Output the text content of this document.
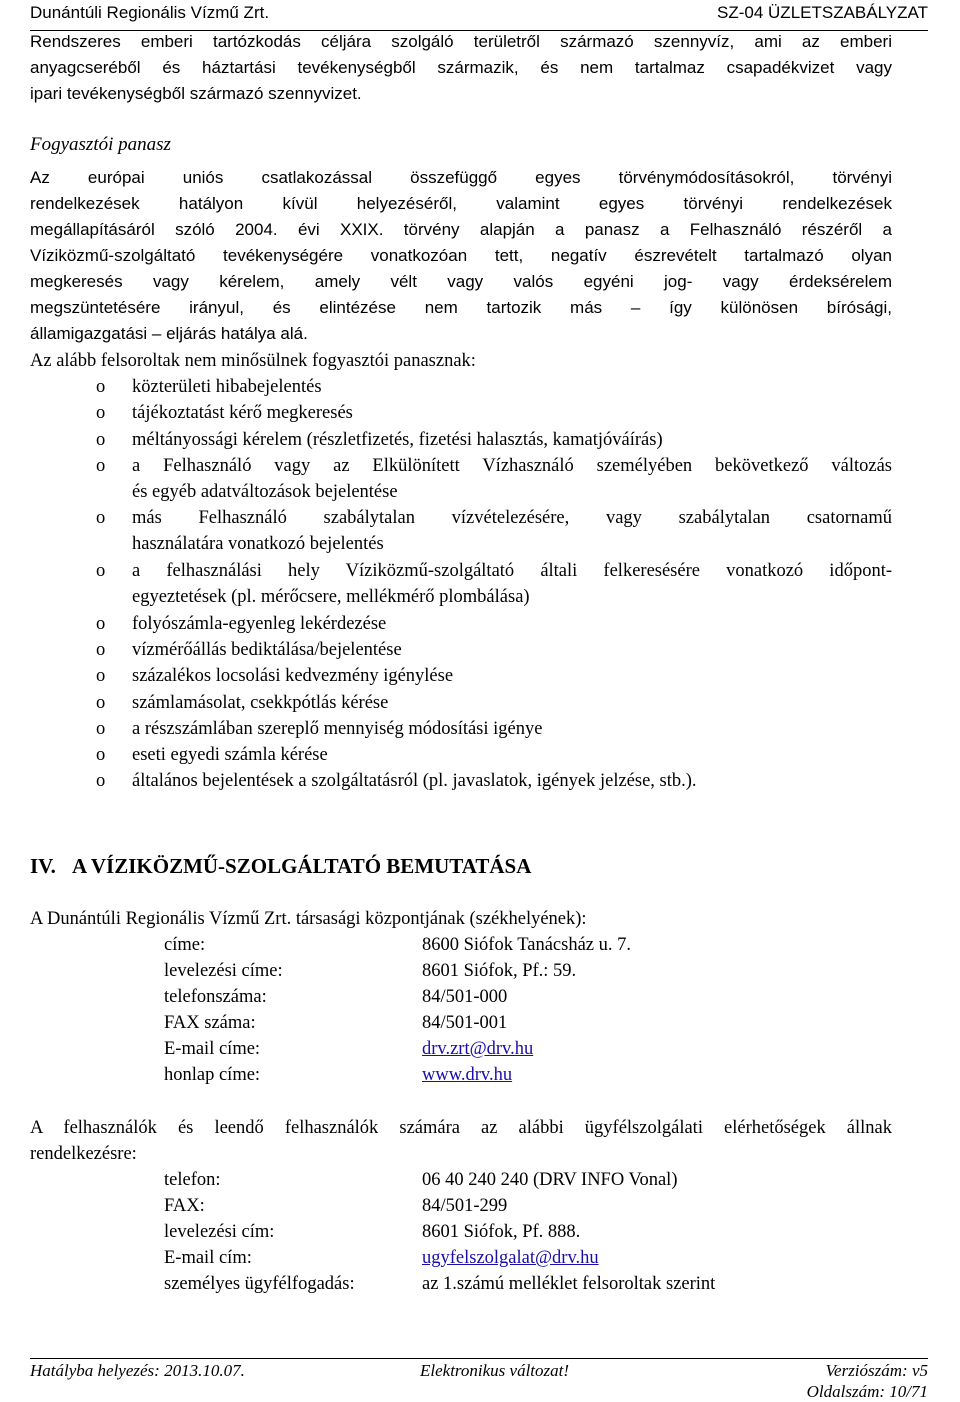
Dunántúli Regionális Vízmű Zrt.	SZ-04 ÜZLETSZABÁLYZAT
Rendszeres emberi tartózkodás céljára szolgáló területről származó szennyvíz, ami az emberi
anyagcseréből és háztartási tevékenységből származik, és nem tartalmaz csapadékvizet vagy
ipari tevékenységből származó szennyvizet.
Fogyasztói panasz
Az európai uniós csatlakozással összefüggő egyes törvénymódosításokról, törvényi
rendelkezések hatályon kívül helyezéséről, valamint egyes törvényi rendelkezések
megállapításáról szóló 2004. évi XXIX. törvény alapján a panasz a Felhasználó részéről a
Víziközmű-szolgáltató tevékenységére vonatkozóan tett, negatív észrevételt tartalmazó olyan
megkeresés vagy kérelem, amely vélt vagy valós egyéni jog- vagy érdeksérelem
megszüntetésére irányul, és elintézése nem tartozik más – így különösen bírósági,
államigazgatási – eljárás hatálya alá.
Az alább felsoroltak nem minősülnek fogyasztói panasznak:
o közterületi hibabejelentés
o tájékoztatást kérő megkeresés
o méltányossági kérelem (részletfizetés, fizetési halasztás, kamatjóváírás)
o a Felhasználó vagy az Elkülönített Vízhasználó személyében bekövetkező változás
és egyéb adatváltozások bejelentése
o más Felhasználó szabálytalan vízvételezésére, vagy szabálytalan csatornamű
használatára vonatkozó bejelentés
o a felhasználási hely Víziközmű-szolgáltató általi felkeresésére vonatkozó időpont-
egyeztetések (pl. mérőcsere, mellékmérő plombálása)
o folyószámla-egyenleg lekérdezése
o vízmérőállás bediktálása/bejelentése
o százalékos locsolási kedvezmény igénylése
o számlamásolat, csekkpótlás kérése
o a részszámlában szereplő mennyiség módosítási igénye
o eseti egyedi számla kérése
o általános bejelentések a szolgáltatásról (pl. javaslatok, igények jelzése, stb.).
IV. A VÍZIKÖZMŰ-SZOLGÁLTATÓ BEMUTATÁSA
A Dunántúli Regionális Vízmű Zrt. társasági központjának (székhelyének):
címe:	8600 Siófok Tanácsház u. 7.
levelezési címe:	8601 Siófok, Pf.: 59.
telefonszáma:	84/501-000
FAX száma:	84/501-001
E-mail címe:	drv.zrt@drv.hu
honlap címe:	www.drv.hu
A felhasználók és leendő felhasználók számára az alábbi ügyfélszolgálati elérhetőségek állnak
rendelkezésre:
telefon:	06 40 240 240 (DRV INFO Vonal)
FAX:	84/501-299
levelezési cím:	8601 Siófok, Pf. 888.
E-mail cím:	ugyfelszolgalat@drv.hu
személyes ügyfélfogadás:	az 1.számú melléklet felsoroltak szerint
Hatályba helyezés: 2013.10.07.	Elektronikus változat!	Verziószám: v5
Oldalszám: 10/71
